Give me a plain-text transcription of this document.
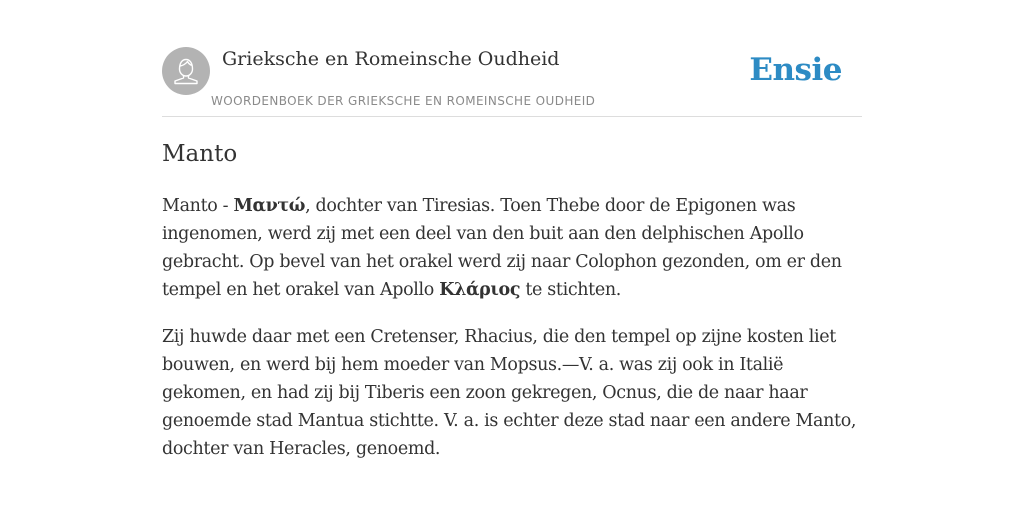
Grieksche en Romeinsche Oudheid
WOORDENBOEK DER GRIEKSCHE EN ROMEINSCHE OUDHEID
Ensie
Manto

Manto - Μαντώ, dochter van Tiresias. Toen Thebe door de Epigonen was ingenomen, werd zij met een deel van den buit aan den delphischen Apollo gebracht. Op bevel van het orakel werd zij naar Colophon gezonden, om er den tempel en het orakel van Apollo Κλάριος te stichten.

Zij huwde daar met een Cretenser, Rhacius, die den tempel op zijne kosten liet bouwen, en werd bij hem moeder van Mopsus.—V. a. was zij ook in Italië gekomen, en had zij bij Tiberis een zoon gekregen, Ocnus, die de naar haar genoemde stad Mantua stichtte. V. a. is echter deze stad naar een andere Manto, dochter van Heracles, genoemd.
